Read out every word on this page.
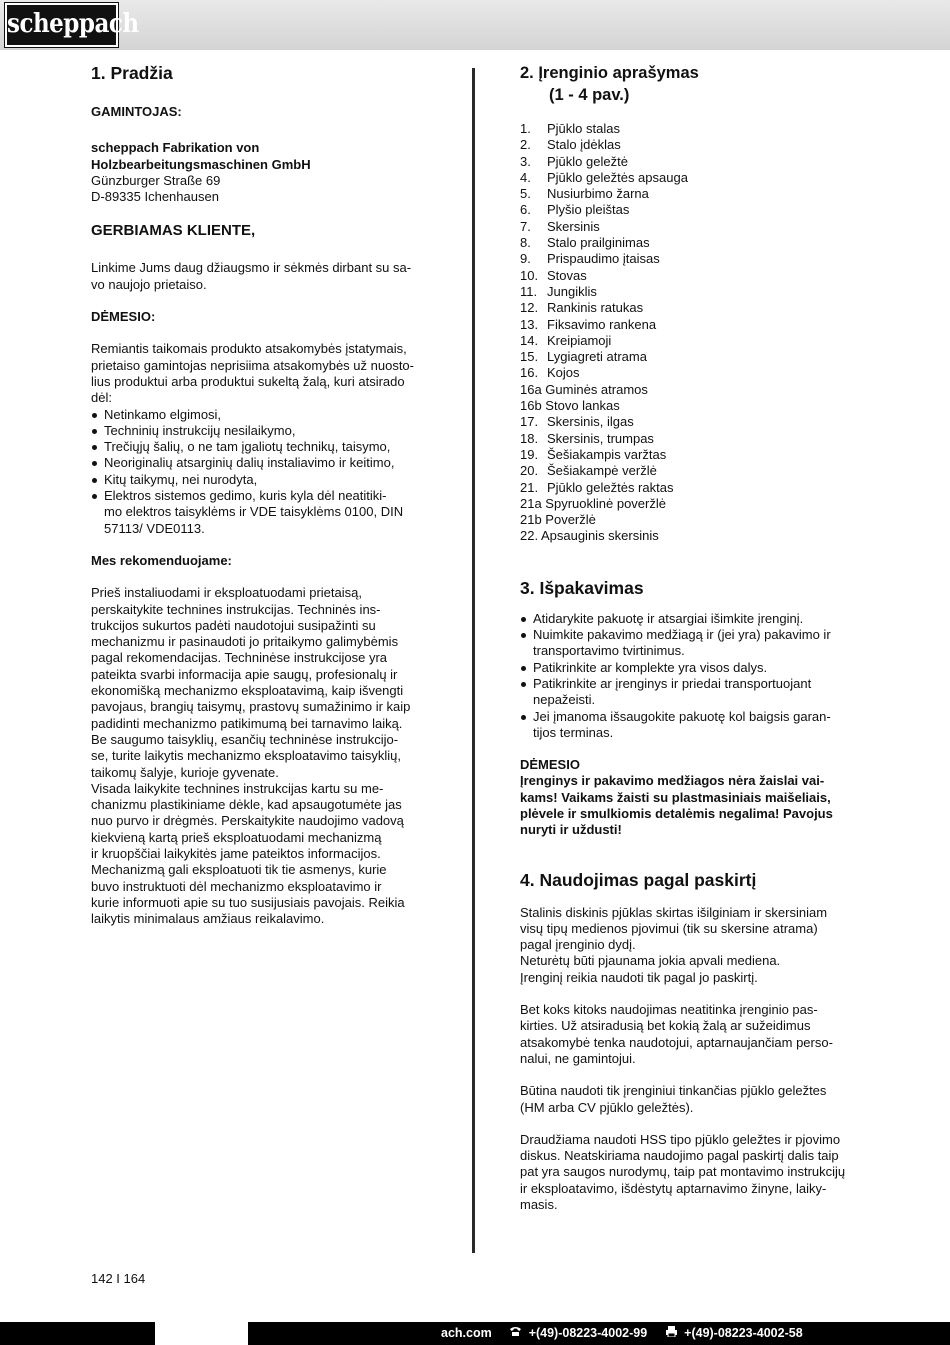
scheppach
1. Pradžia
GAMINTOJAS:
scheppach Fabrikation von
Holzbearbeitungsmaschinen GmbH
Günzburger Straße 69
D-89335 Ichenhausen
GERBIAMAS KLIENTE,
Linkime Jums daug džiaugsmo ir sėkmės dirbant su sa-
vo naujojo prietaiso.
DĖMESIO:
Remiantis taikomais produkto atsakomybės įstatymais,
prietaiso gamintojas neprisiima atsakomybės už nuosto-
lius produktui arba produktui sukeltą žalą, kuri atsirado
dėl:
Netinkamo elgimosi,
Techninių instrukcijų nesilaikymo,
Trečiųjų šalių, o ne tam įgaliotų technikų, taisymo,
Neoriginalių atsarginių dalių instaliavimo ir keitimo,
Kitų taikymų, nei nurodyta,
Elektros sistemos gedimo, kuris kyla dėl neatitiki-
mo elektros taisyklėms ir VDE taisyklėms 0100, DIN
57113/ VDE0113.
Mes rekomenduojame:
Prieš instaliuodami ir eksploatuodami prietaisą,
perskaitykite technines instrukcijas. Techninės ins-
trukcijos sukurtos padėti naudotojui susipažinti su
mechanizmu ir pasinaudoti jo pritaikymo galimybėmis
pagal rekomendacijas. Techninėse instrukcijose yra
pateikta svarbi informacija apie saugų, profesionalų ir
ekonomišką mechanizmo eksploatavimą, kaip išvengti
pavojaus, brangių taisymų, prastovų sumažinimo ir kaip
padidinti mechanizmo patikimumą bei tarnavimo laiką.
Be saugumo taisyklių, esančių techninėse instrukcijo-
se, turite laikytis mechanizmo eksploatavimo taisyklių,
taikomų šalyje, kurioje gyvenate.
Visada laikykite technines instrukcijas kartu su me-
chanizmu plastikiniame dėkle, kad apsaugotumėte jas
nuo purvo ir drėgmės. Perskaitykite naudojimo vadovą
kiekvieną kartą prieš eksploatuodami mechanizmą
ir kruopščiai laikykitės jame pateiktos informacijos.
Mechanizmą gali eksploatuoti tik tie asmenys, kurie
buvo instruktuoti dėl mechanizmo eksploatavimo ir
kurie informuoti apie su tuo susijusiais pavojais. Reikia
laikytis minimalaus amžiaus reikalavimo.
2. Įrenginio aprašymas
(1 - 4 pav.)
1.	Pjūklo stalas
2.	Stalo įdėklas
3.	Pjūklo geležtė
4.	Pjūklo geležtės apsauga
5.	Nusiurbimo žarna
6.	Plyšio pleištas
7.	Skersinis
8.	Stalo prailginimas
9.	Prispaudimo įtaisas
10. Stovas
11. Jungiklis
12. Rankinis ratukas
13. Fiksavimo rankena
14. Kreipiamoji
15. Lygiagreti atrama
16. Kojos
16a Guminės atramos
16b Stovo lankas
17. Skersinis, ilgas
18. Skersinis, trumpas
19. Šešiakampis varžtas
20. Šešiakampė veržlė
21. Pjūklo geležtės raktas
21a Spyruoklinė poveržlė
21b Poveržlė
22. Apsauginis skersinis
3. Išpakavimas
Atidarykite pakuotę ir atsargiai išimkite įrenginį.
Nuimkite pakavimo medžiagą ir (jei yra) pakavimo ir
transportavimo tvirtinimus.
Patikrinkite ar komplekte yra visos dalys.
Patikrinkite ar įrenginys ir priedai transportuojant
nepažeisti.
Jei įmanoma išsaugokite pakuotę kol baigsis garan-
tijos terminas.
DĖMESIO
Įrenginys ir pakavimo medžiagos nėra žaislai vai-
kams! Vaikams žaisti su plastmasiniais maišeliais,
plėvele ir smulkiomis detalėmis negalima! Pavojus
nuryti ir uždusti!
4. Naudojimas pagal paskirtį
Stalinis diskinis pjūklas skirtas išilginiam ir skersiniam
visų tipų medienos pjovimui (tik su skersine atrama)
pagal įrenginio dydį.
Neturėtų būti pjaunama jokia apvali mediena.
Įrenginį reikia naudoti tik pagal jo paskirtį.
Bet koks kitoks naudojimas neatitinka įrenginio pas-
kirties. Už atsiradusią bet kokią žalą ar sužeidimus
atsakomybė tenka naudotojui, aptarnaujančiam perso-
nalui, ne gamintojui.
Būtina naudoti tik įrenginiui tinkančias pjūklo geležtes
(HM arba CV pjūklo geležtės).
Draudžiama naudoti HSS tipo pjūklo geležtes ir pjovimo
diskus. Neatskiriama naudojimo pagal paskirtį dalis taip
pat yra saugos nurodymų, taip pat montavimo instrukcijų
ir eksploatavimo, išdėstytų aptarnavimo žinyne, laiky-
masis.
142 I 164
ach.com	+(49)-08223-4002-99	+(49)-08223-4002-58
